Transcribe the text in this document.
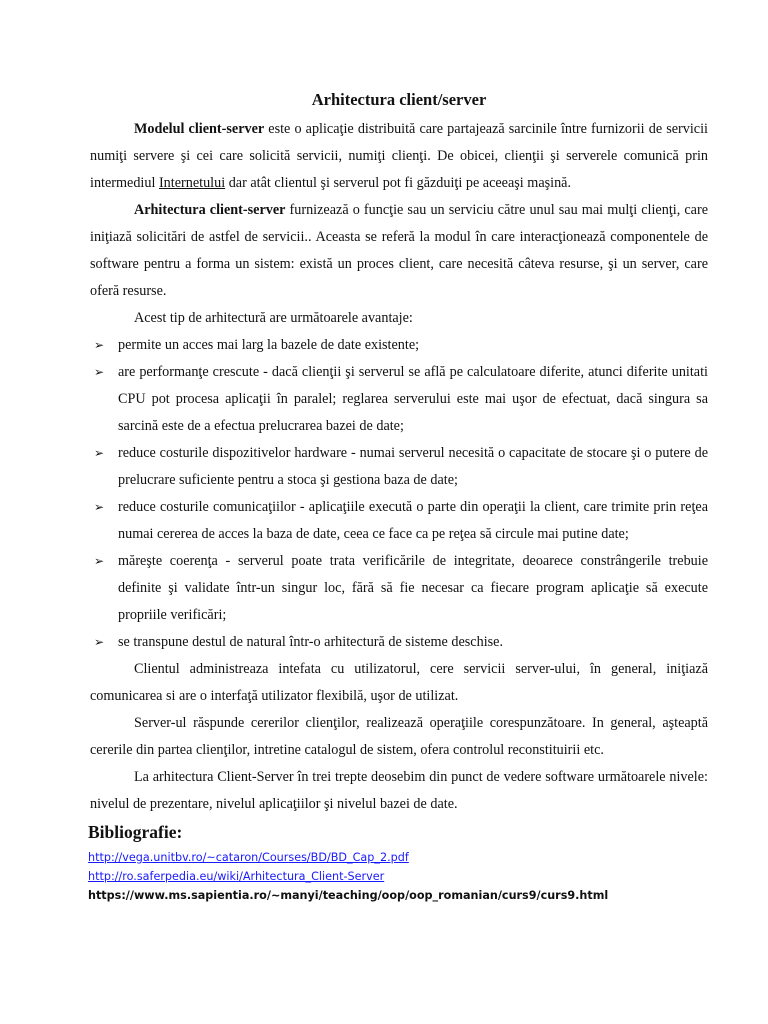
Arhitectura client/server

Modelul client-server este o aplicaţie distribuită care partajează sarcinile între furnizorii de servicii numiţi servere şi cei care solicită servicii, numiţi clienţi. De obicei, clienţii şi serverele comunică prin intermediul Internetului dar atât clientul şi serverul pot fi găzduiţi pe aceeaşi maşină.

Arhitectura client-server furnizează o funcţie sau un serviciu către unul sau mai mulţi clienţi, care iniţiază solicitări de astfel de servicii.. Aceasta se referă la modul în care interacţionează componentele de software pentru a forma un sistem: există un proces client, care necesită câteva resurse, şi un server, care oferă resurse.

Acest tip de arhitectură are următoarele avantaje:

➢ permite un acces mai larg la bazele de date existente;
➢ are performanţe crescute - dacă clienţii şi serverul se află pe calculatoare diferite, atunci diferite unitati CPU pot procesa aplicaţii în paralel; reglarea serverului este mai uşor de efectuat, dacă singura sa sarcină este de a efectua prelucrarea bazei de date;
➢ reduce costurile dispozitivelor hardware - numai serverul necesită o capacitate de stocare şi o putere de prelucrare suficiente pentru a stoca şi gestiona baza de date;
➢ reduce costurile comunicaţiilor - aplicaţiile execută o parte din operaţii la client, care trimite prin reţea numai cererea de acces la baza de date, ceea ce face ca pe reţea să circule mai putine date;
➢ măreşte coerenţa - serverul poate trata verificările de integritate, deoarece constrângerile trebuie definite şi validate într-un singur loc, fără să fie necesar ca fiecare program aplicaţie să execute propriile verificări;
➢ se transpune destul de natural într-o arhitectură de sisteme deschise.

Clientul administreaza intefata cu utilizatorul, cere servicii server-ului, în general, iniţiază comunicarea si are o interfaţă utilizator flexibilă, uşor de utilizat.

Server-ul răspunde cererilor clienţilor, realizează operaţiile corespunzătoare. In general, aşteaptă cererile din partea clienţilor, intretine catalogul de sistem, ofera controlul reconstituirii etc.

La arhitectura Client-Server în trei trepte deosebim din punct de vedere software următoarele nivele: nivelul de prezentare, nivelul aplicaţiilor şi nivelul bazei de date.

Bibliografie:
http://vega.unitbv.ro/~cataron/Courses/BD/BD_Cap_2.pdf
http://ro.saferpedia.eu/wiki/Arhitectura_Client-Server
https://www.ms.sapientia.ro/~manyi/teaching/oop/oop_romanian/curs9/curs9.html
